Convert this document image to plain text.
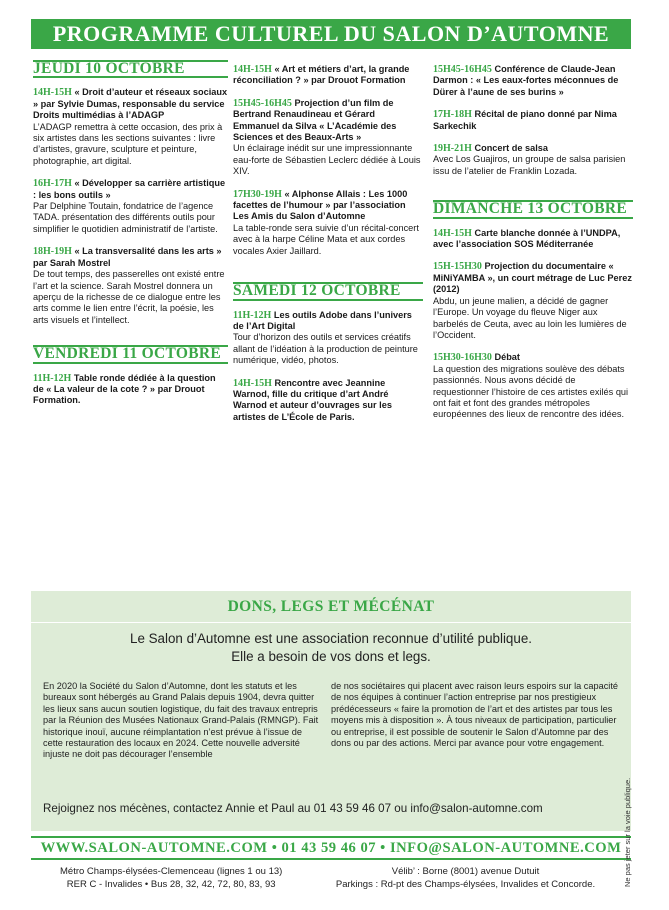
PROGRAMME CULTUREL DU SALON D’AUTOMNE
JEUDI 10 OCTOBRE
14H-15H « Droit d’auteur et réseaux sociaux » par Sylvie Dumas, responsable du service Droits multimédias à l’ADAGP
L’ADAGP remettra à cette occasion, des prix à six artistes dans les sections suivantes : livre d’artistes, gravure, sculpture et peinture, photographie, art digital.
16H-17H « Développer sa carrière artistique : les bons outils »
Par Delphine Toutain, fondatrice de l’agence TADA. présentation des différents outils pour simplifier le quotidien administratif de l’artiste.
18H-19H « La transversalité dans les arts » par Sarah Mostrel
De tout temps, des passerelles ont existé entre l’art et la science. Sarah Mostrel donnera un aperçu de la richesse de ce dialogue entre les arts comme le lien entre l’écrit, la poésie, les arts visuels et l’intellect.
VENDREDI 11 OCTOBRE
11H-12H Table ronde dédiée à la question de « La valeur de la cote ? » par Drouot Formation.
14H-15H « Art et métiers d’art, la grande réconciliation ? » par Drouot Formation
15H45-16H45 Projection d’un film de Bertrand Renaudineau et Gérard Emmanuel da Silva « L’Académie des Sciences et des Beaux-Arts »
Un éclairage inédit sur une impressionnante eau-forte de Sébastien Leclerc dédiée à Louis XIV.
17H30-19H « Alphonse Allais : Les 1000 facettes de l’humour » par l’association Les Amis du Salon d’Automne
La table-ronde sera suivie d’un récital-concert avec à la harpe Céline Mata et aux cordes vocales Axier Jaillard.
SAMEDI 12 OCTOBRE
11H-12H Les outils Adobe dans l’univers de l’Art Digital
Tour d’horizon des outils et services créatifs allant de l’idéation à la production de peinture numérique, vidéo, photos.
14H-15H Rencontre avec Jeannine Warnod, fille du critique d’art André Warnod et auteur d’ouvrages sur les artistes de L’École de Paris.
15H45-16H45 Conférence de Claude-Jean Darmon : « Les eaux-fortes méconnues de Dürer à l’aune de ses burins »
17H-18H Récital de piano donné par Nima Sarkechik
19H-21H Concert de salsa
Avec Los Guajiros, un groupe de salsa parisien issu de l’atelier de Franklin Lozada.
DIMANCHE 13 OCTOBRE
14H-15H Carte blanche donnée à l’UNDPA, avec l’association SOS Méditerranée
15H-15H30 Projection du documentaire « MiNiYAMBA », un court métrage de Luc Perez (2012)
Abdu, un jeune malien, a décidé de gagner l’Europe. Un voyage du fleuve Niger aux barbelés de Ceuta, avec au loin les lumières de l’Occident.
15H30-16H30 Débat
La question des migrations soulève des débats passionnés. Nous avons décidé de requestionner l’histoire de ces artistes exilés qui ont fait et font des grandes métropoles européennes des lieux de rencontre des idées.
DONS, LEGS ET MÉCÉNAT
Le Salon d’Automne est une association reconnue d’utilité publique.
Elle a besoin de vos dons et legs.
En 2020 la Société du Salon d’Automne, dont les statuts et les bureaux sont hébergés au Grand Palais depuis 1904, devra quitter les lieux sans aucun soutien logistique, du fait des travaux entrepris par la Réunion des Musées Nationaux Grand-Palais (RMNGP). Fait historique inouï, aucune réimplantation n’est prévue à l’issue de cette restauration des locaux en 2024. Cette nouvelle adversité injuste ne doit pas décourager l’ensemble
de nos sociétaires qui placent avec raison leurs espoirs sur la capacité de nos équipes à continuer l’action entreprise par nos prestigieux prédécesseurs « faire la promotion de l’art et des artistes par tous les moyens mis à disposition ». À tous niveaux de participation, particulier ou entreprise, il est possible de soutenir le Salon d’Automne par des dons ou par des actions. Merci par avance pour votre engagement.
Rejoignez nos mécènes, contactez Annie et Paul au 01 43 59 46 07 ou info@salon-automne.com
WWW.SALON-AUTOMNE.COM • 01 43 59 46 07 • INFO@SALON-AUTOMNE.COM
Métro Champs-élysées-Clemenceau (lignes 1 ou 13)
RER C - Invalides • Bus 28, 32, 42, 72, 80, 83, 93
Vélib’ : Borne (8001) avenue Dutuit
Parkings : Rd-pt des Champs-élysées, Invalides et Concorde.	Ne pas jeter sur la voie publique.
